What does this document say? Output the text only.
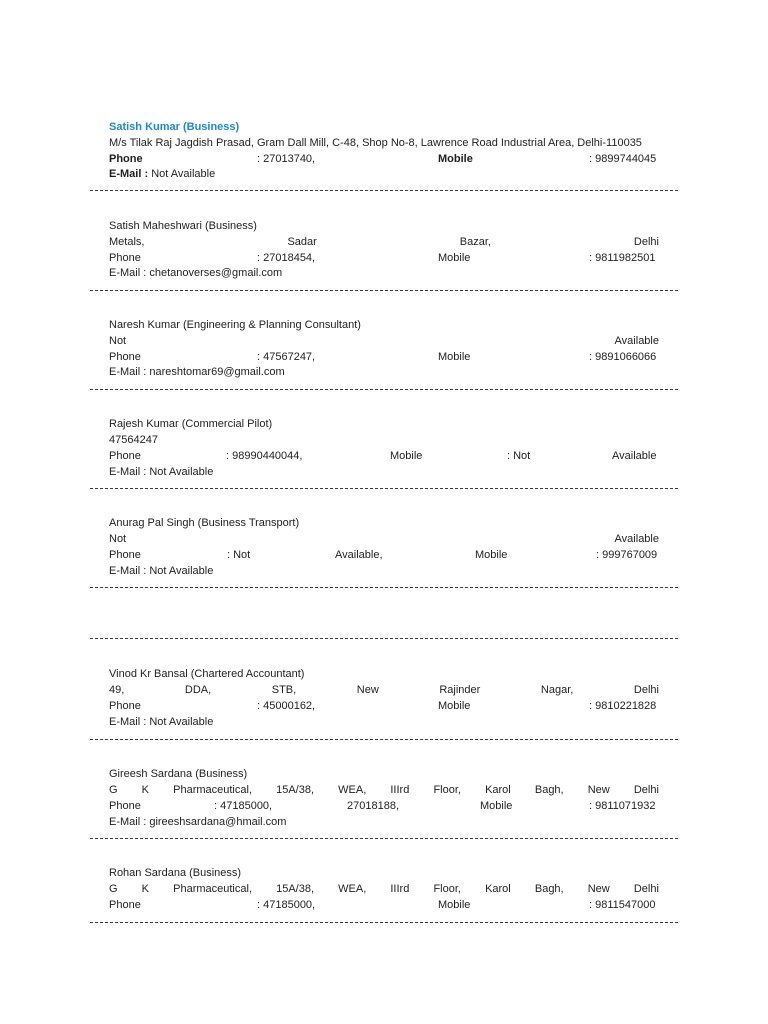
Satish Kumar (Business)
M/s Tilak Raj Jagdish Prasad, Gram Dall Mill, C-48, Shop No-8, Lawrence Road Industrial Area, Delhi-110035
Phone	: 27013740,	Mobile	: 9899744045
E-Mail : Not Available
Satish Maheshwari (Business)
Metals,	Sadar	Bazar,	Delhi
Phone	: 27018454,	Mobile	: 9811982501
E-Mail : chetanoverses@gmail.com
Naresh Kumar (Engineering & Planning Consultant)
Not	Available
Phone	: 47567247,	Mobile	: 9891066066
E-Mail : nareshtomar69@gmail.com
Rajesh Kumar (Commercial Pilot)
47564247
Phone	: 98990440044,	Mobile	: Not	Available
E-Mail : Not Available
Anurag Pal Singh (Business Transport)
Not	Available
Phone	: Not	Available,	Mobile	: 999767009
E-Mail : Not Available
Vinod Kr Bansal (Chartered Accountant)
49,	DDA,	STB,	New	Rajinder	Nagar,	Delhi
Phone	: 45000162,	Mobile	: 9810221828
E-Mail : Not Available
Gireesh Sardana (Business)
G K Pharmaceutical, 15A/38, WEA, IIIrd Floor, Karol Bagh, New Delhi
Phone	: 47185000,	27018188,	Mobile	: 9811071932
E-Mail : gireeshsardana@hmail.com
Rohan Sardana (Business)
G K Pharmaceutical, 15A/38, WEA, IIIrd Floor, Karol Bagh, New Delhi
Phone	: 47185000,	Mobile	: 9811547000
